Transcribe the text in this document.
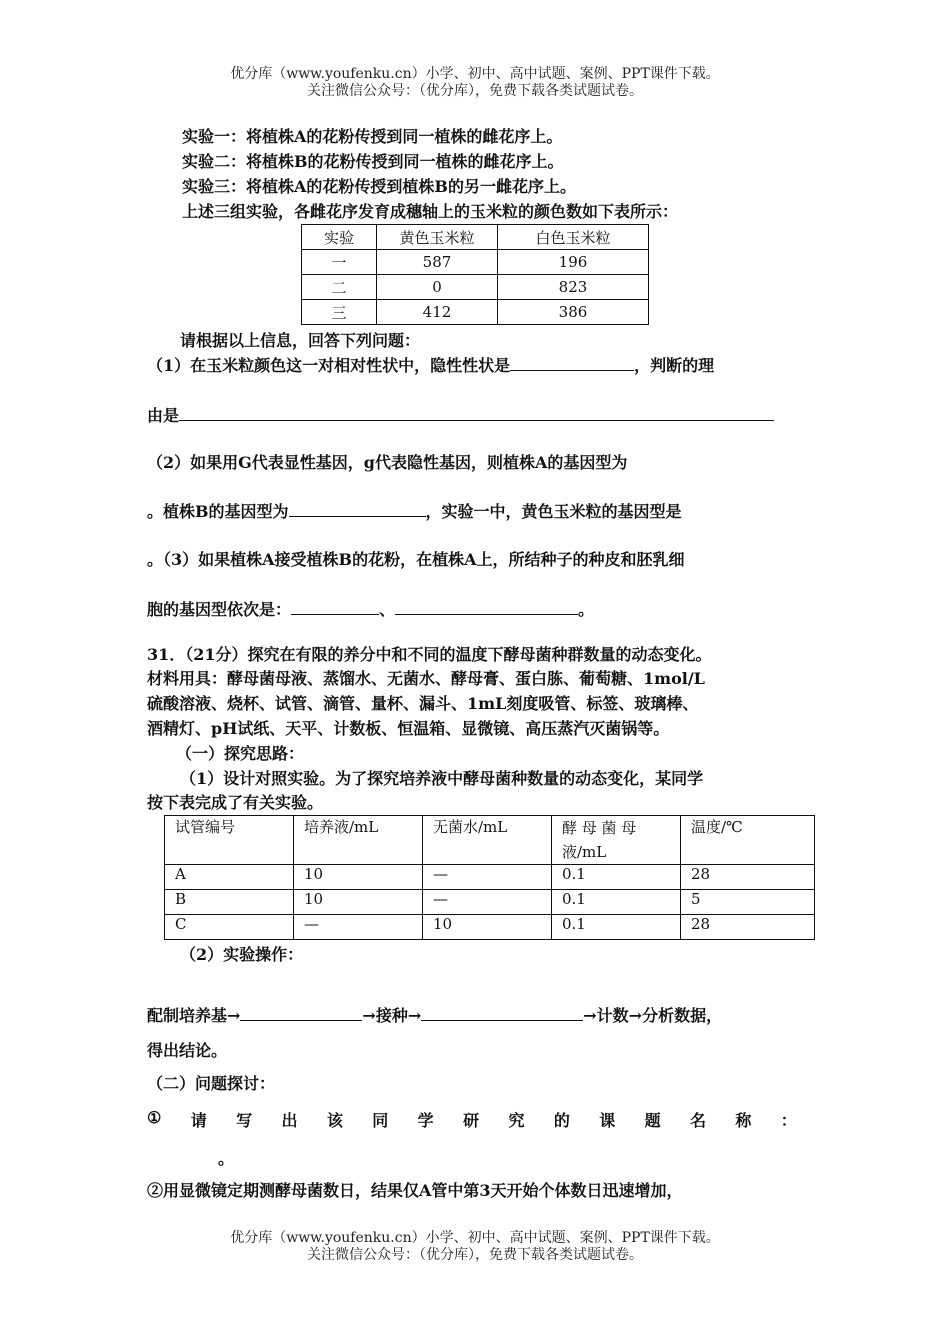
优分库（www.youfenku.cn）小学、初中、高中试题、案例、PPT课件下载。
关注微信公众号：（优分库），免费下载各类试题试卷。
实验一：将植株A的花粉传授到同一植株的雌花序上。
实验二：将植株B的花粉传授到同一植株的雌花序上。
实验三：将植株A的花粉传授到植株B的另一雌花序上。
上述三组实验，各雌花序发育成穗轴上的玉米粒的颜色数如下表所示：
实验	黄色玉米粒	白色玉米粒
一	587	196
二	0	823
三	412	386
请根据以上信息，回答下列问题：
（1）在玉米粒颜色这一对相对性状中，隐性性状是	，判断的理
由是
（2）如果用G代表显性基因，g代表隐性基因，则植株A的基因型为
。植株B的基因型为	，实验一中，黄色玉米粒的基因型是
。（3）如果植株A接受植株B的花粉，在植株A上，所结种子的种皮和胚乳细
胞的基因型依次是：	、	。
31．（21分）探究在有限的养分中和不同的温度下酵母菌种群数量的动态变化。
材料用具：酵母菌母液、蒸馏水、无菌水、酵母膏、蛋白胨、葡萄糖、1mol/L
硫酸溶液、烧杯、试管、滴管、量杯、漏斗、1mL刻度吸管、标签、玻璃棒、
酒精灯、pH试纸、天平、计数板、恒温箱、显微镜、高压蒸汽灭菌锅等。
（一）探究思路：
（1）设计对照实验。为了探究培养液中酵母菌种数量的动态变化，某同学
按下表完成了有关实验。
试管编号	培养液/mL	无菌水/mL	酵 母 菌 母 液/mL	温度/℃
A	10	—	0.1	28
B	10	—	0.1	5
C	—	10	0.1	28
（2）实验操作：
配制培养基→	→接种→	→计数→分析数据，
得出结论。
（二）问题探讨：
① 请 写 出 该 同 学 研 究 的 课 题 名 称 ：
。
②用显微镜定期测酵母菌数日，结果仅A管中第3天开始个体数日迅速增加，
优分库（www.youfenku.cn）小学、初中、高中试题、案例、PPT课件下载。
关注微信公众号：（优分库），免费下载各类试题试卷。
